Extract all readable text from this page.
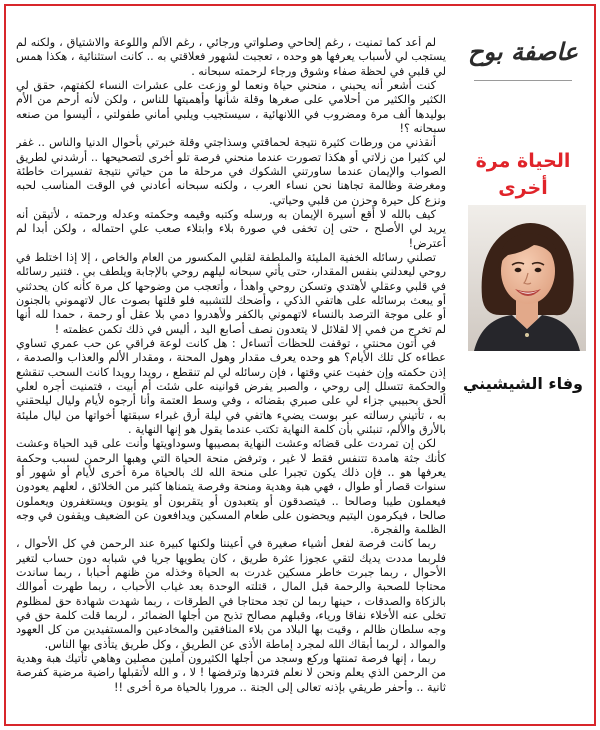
لم أعد كما تمنيت ، رغم إلحاحي وصلواتي ورجائي ، رغم الألم واللوعة والاشتياق ، ولكنه لم يستجب لي لأسباب يعرفها هو وحده ، تعجبت لشهور فعلاقتي به .. كانت استثنائية ، هكذا همس لي قلبي في لحظة صفاء وشوق ورجاء لرحمته سبحانه .

كنت أشعر أنه يحبني ، منحني حياة ونعما لو وزعت على عشرات النساء لكفتهم، حقق لي الكثير والكثير من أحلامي على صغرها وقلة شأنها وأهميتها للناس ، ولكن لأنه أرحم من الأم بوليدها ألف مرة ومضروب في اللانهائية ، سيستجيب ويلبي أماني طفولتي ، أليسوا من صنعه سبحانه ؟!

أنقذني من ورطات كثيرة نتيجة لحماقتي وسذاجتي وقلة خبرتي بأحوال الدنيا والناس .. غفر لي كثيرا من زلاتي أو هكذا تصورت عندما منحني فرصة تلو أخرى لتصحيحها .. أرشدني لطريق الصواب والإيمان عندما ساورتني الشكوك في مرحلة ما من حياتي نتيجة تفسيرات خاطئة ومغرضة وظالمة تجاهنا نحن نساء العرب ، ولكنه سبحانه أعادني في الوقت المناسب لحبه ونزع كل حيرة وحزن من قلبي وحياتي.

كيف بالله لا أقع أسيرة الإيمان به ورسله وكتبه وقيمه وحكمته وعدله ورحمته ، لأتيقن أنه يريد لي الأصلح ، حتى إن تخفى في صورة بلاء وابتلاء صعب علي احتماله ، ولكن أبدا لم أعترض!

تصلني رسائله الخفية المليئة والملطفة لقلبي المكسور من العام والخاص ، إلا إذا اختلط في روحي ليعدلني بنفس المقدار، حتى يأتي سبحانه ليلهم روحي بالإجابة ويلطف بي . فتنير رسائله في قلبي وعقلي لأهتدي وتسكن روحي واهدأ ، وأتعجب من وضوحها كل مرة كأنه كان يحدثني أو يبعث برسائله على هاتفي الذكي ، وأضحك للتشبيه فلو قلتها بصوت عال لاتهموني بالجنون أو على موجة الترصد بالنساء لاتهموني بالكفر ولأهدروا دمي بلا عقل أو رحمة ، حمدا لله أنها لم تخرج من فمي إلا لقلائل لا يتعدون نصف أصابع اليد ، أليس في ذلك تكمن عظمته !

في أتون محنتي ، توقفت للحظات أتساءل : هل كانت لوعة فراقي عن حب عمري تساوي عطاءه كل تلك الأيام؟ هو وحده يعرف مقدار وهول المحنة ، ومقدار الألم والعذاب والصدمة ، إذن حكمته وإن خفيت عني وقتها ، فإن رسائله لي لم تنقطع ، رويدا رويدا كانت السحب تنقشع والحكمة تتسلل إلى روحي ، والصبر يفرض قوانينه على شئت أم أبيت ، فتمنيت أجره لعلي ألحق بحبيبي جزاء لي على صبري بقضائه ، وفي وسط العتمة وأنا أرجوه لأيام وليال ليلحقني به ، تأتيني رسالته عبر بوست يضيء هاتفي في ليلة أرق غبراء سبقتها أخواتها من ليال مليئة بالأرق والألم، تنبئني بأن كلمة النهاية تكتب عندما يقول هو إنها النهاية .

لكن إن تمردت على قضائه وعشت النهاية بمصيبها وسوداويتها وأنت على قيد الحياة وعشت كأنك جثة هامدة تتنفس فقط لا غير ، وترفض منحة الحياة التي وهبها الرحمن لسبب وحكمة يعرفها هو .. فإن ذلك يكون تجبرا على منحة الله لك بالحياة مرة أخرى لأيام أو شهور أو سنوات قصار أو طوال ، فهي هبة وهدية ومنحة وفرصة يتمناها كثير من الخلائق ، لعلهم يعودون فيعملون طيبا وصالحا .. فيتصدقون أو يتعبدون أو يتقربون أو يتوبون ويستغفرون ويعملون صالحا ، فيكرمون اليتيم ويحضون على طعام المسكين ويدافعون عن الضعيف ويقفون في وجه الظلمة والفجرة.

ربما كانت فرصة لفعل أشياء صغيرة في أعيننا ولكنها كبيرة عند الرحمن في كل الأحوال ، فلربما مددت يديك لتقي عجوزا عثرة طريق ، كان يطويها جريا في شبابه دون حساب لتغير الأحوال ، ربما جبرت خاطر مسكين غدرت به الحياة وخذله من ظنهم أحبابا ، ربما ساندت محتاجا للصحبة والرحمة قبل المال ، قتلته الوحدة بعد غياب الأحباب ، ربما طهرت أموالك بالزكاة والصدقات ، حينها ربما لن تجد محتاجا في الطرقات ، ربما شهدت شهادة حق لمظلوم تخلى عنه الأخلاء نفاقا ورياء، وقبلهم مصالح تذبح من أجلها الضمائر ، لربما قلت كلمة حق في وجه سلطان ظالم ، وقيت بها البلاد من بلاء المنافقين والمخادعين والمستفيدين من كل العهود والموالد ، لربما أبقاك الله لمجرد إماطة الأذى عن الطريق ، وكل طريق يتأذى بها الناس.

ربما ، إنها فرصة تمنتها وركع وسجد من أجلها الكثيرون آملين مصلين وهاهي تأتيك هبة وهدية من الرحمن الذي يعلم ونحن لا نعلم فتردها وترفضها ! لا ، و الله لأتقبلها راضية مرضية كفرصة ثانية .. وأحفر طريقي بإذنه تعالى إلى الجنة .. مرورا بالحياة مرة أخرى !!

عاصفة بوح
الحياة مرة
أخرى
وفاء الشيشيني
